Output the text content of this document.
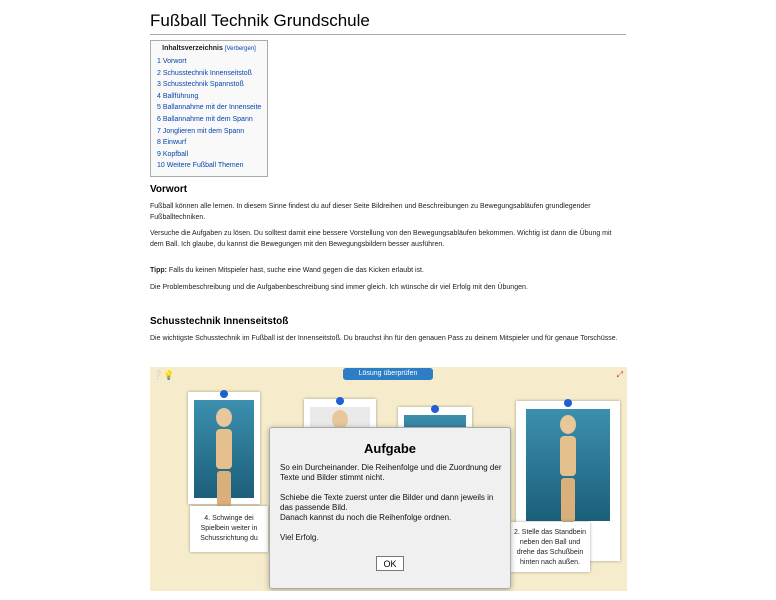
Fußball Technik Grundschule
Inhaltsverzeichnis [Verbergen]
1 Vorwort
2 Schusstechnik Innenseitstoß
3 Schusstechnik Spannstoß
4 Ballführung
5 Ballannahme mit der Innenseite
6 Ballannahme mit dem Spann
7 Jonglieren mit dem Spann
8 Einwurf
9 Kopfball
10 Weitere Fußball Themen
Vorwort

Fußball können alle lernen. In diesem Sinne findest du auf dieser Seite Bildreihen und Beschreibungen zu Bewegungsabläufen grundlegender Fußballtechniken.

Versuche die Aufgaben zu lösen. Du solltest damit eine bessere Vorstellung von den Bewegungsabläufen bekommen. Wichtig ist dann die Übung mit dem Ball. Ich glaube, du kannst die Bewegungen mit den Bewegungsbildern besser ausführen.

Tipp: Falls du keinen Mitspieler hast, suche eine Wand gegen die das Kicken erlaubt ist.

Die Problembeschreibung und die Aufgabenbeschreibung sind immer gleich. Ich wünsche dir viel Erfolg mit den Übungen.

Schusstechnik Innenseitstoß

Die wichtigste Schusstechnik im Fußball ist der Innenseitstoß. Du brauchst ihn für den genauen Pass zu deinem Mitspieler und für genaue Torschüsse.

❔💡	⤢
Lösung überprüfen
4. Schwinge dei Spielbein weiter in Schussrichtung du
2. Stelle das Standbein neben den Ball und drehe das Schußbein hinten nach außen.
Aufgabe
So ein Durcheinander. Die Reihenfolge und die Zuordnung der Texte und Bilder stimmt nicht.
Schiebe die Texte zuerst unter die Bilder und dann jeweils in das passende Bild.
Danach kannst du noch die Reihenfolge ordnen.
Viel Erfolg.
OK
